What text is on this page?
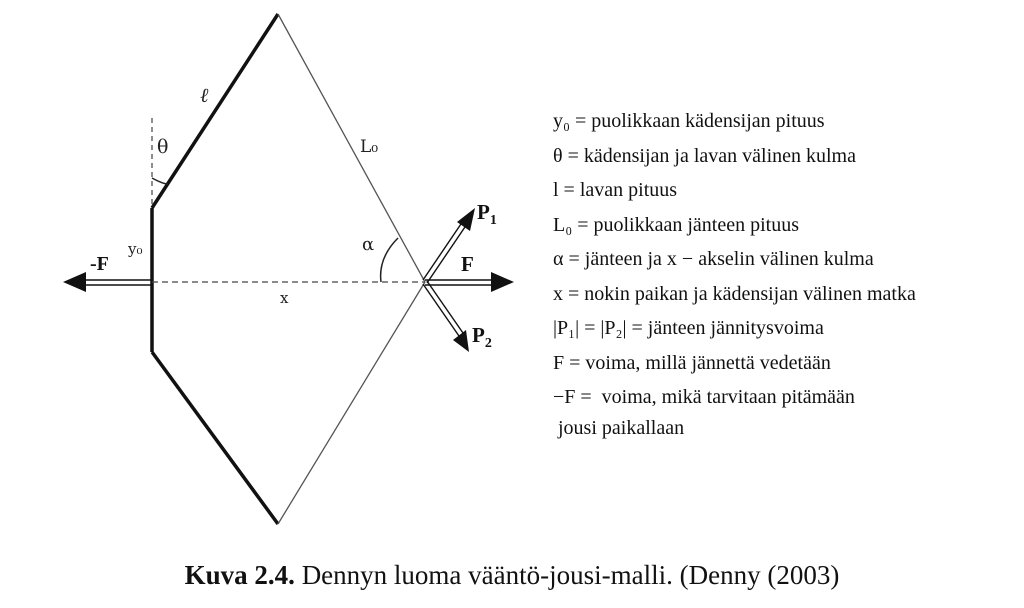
ℓ
θ	L₀
y₀	α
x
-F	F
$P_1$
$P_2$
y₀ = puolikkaan kädensijan pituus
θ = kädensijan ja lavan välinen kulma
l = lavan pituus
L₀ = puolikkaan jänteen pituus
α = jänteen ja x − akselin välinen kulma
x = nokin paikan ja kädensijan välinen matka
|P₁| = |P₂| = jänteen jännitysvoima
F = voima, millä jännettä vedetään
−F =  voima, mikä tarvitaan pitämään
jousi paikallaan
Kuva 2.4. Dennyn luoma vääntö-jousi-malli. (Denny (2003)
